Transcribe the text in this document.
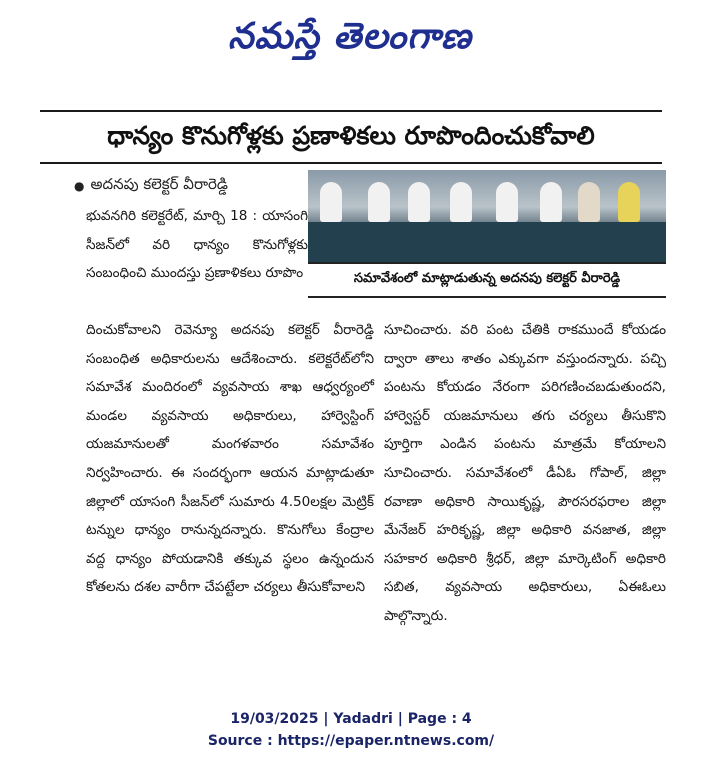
నమస్తే తెలంగాణ
ధాన్యం కొనుగోళ్లకు ప్రణాళికలు రూపొందించుకోవాలి
● అదనపు కలెక్టర్ వీరారెడ్డి
సమావేశంలో మాట్లాడుతున్న అదనపు కలెక్టర్ వీరారెడ్డి
భువనగిరి కలెక్టరేట్, మార్చి 18 : యాసంగి సీజన్‌లో వరి ధాన్యం కొనుగోళ్లకు సంబంధించి ముందస్తు ప్రణాళికలు రూపొం
దించుకోవాలని రెవెన్యూ అదనపు కలెక్టర్ వీరారెడ్డి సంబంధిత అధికారులను ఆదేశించారు. కలెక్టరేట్‌లోని సమావేశ మందిరంలో వ్యవసాయ శాఖ ఆధ్వర్యంలో మండల వ్యవసాయ అధికారులు, హార్వెస్టింగ్ యజమానులతో మంగళవారం సమావేశం నిర్వహించారు. ఈ సందర్భంగా ఆయన మాట్లాడుతూ జిల్లాలో యాసంగి సీజన్‌లో సుమారు 4.50లక్షల మెట్రిక్ టన్నుల ధాన్యం రానున్నదన్నారు. కొనుగోలు కేంద్రాల వద్ద ధాన్యం పోయడానికి తక్కువ స్థలం ఉన్నందున కోతలను దశల వారీగా చేపట్టేలా చర్యలు తీసుకోవాలని
సూచించారు. వరి పంట చేతికి రాకముందే కోయడం ద్వారా తాలు శాతం ఎక్కువగా వస్తుందన్నారు. పచ్చి పంటను కోయడం నేరంగా పరిగణించబడుతుందని, హార్వెస్టర్ యజమానులు తగు చర్యలు తీసుకొని పూర్తిగా ఎండిన పంటను మాత్రమే కోయాలని సూచించారు. సమావేశంలో డీఏఓ గోపాల్, జిల్లా రవాణా అధికారి సాయికృష్ణ, పౌరసరఫరాల జిల్లా మేనేజర్ హరికృష్ణ, జిల్లా అధికారి వనజాత, జిల్లా సహకార అధికారి శ్రీధర్, జిల్లా మార్కెటింగ్ అధికారి సబిత, వ్యవసాయ అధికారులు, ఏఈఓలు పాల్గొన్నారు.
19/03/2025 | Yadadri | Page : 4
Source : https://epaper.ntnews.com/
